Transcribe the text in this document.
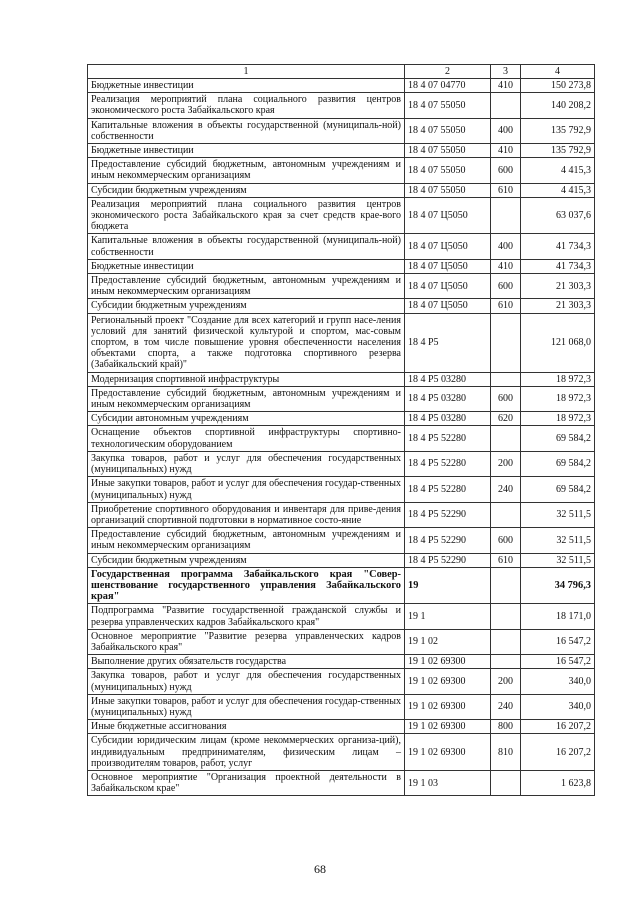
1	2	3	4
Бюджетные инвестиции	18 4 07 04770	410	150 273,8
Реализация мероприятий плана социального развития центров экономического роста Забайкальского края	18 4 07 55050		140 208,2
Капитальные вложения в объекты государственной (муниципаль-ной) собственности	18 4 07 55050	400	135 792,9
Бюджетные инвестиции	18 4 07 55050	410	135 792,9
Предоставление субсидий бюджетным, автономным учреждениям и иным некоммерческим организациям	18 4 07 55050	600	4 415,3
Субсидии бюджетным учреждениям	18 4 07 55050	610	4 415,3
Реализация мероприятий плана социального развития центров экономического роста Забайкальского края за счет средств крае-вого бюджета	18 4 07 Ц5050		63 037,6
Капитальные вложения в объекты государственной (муниципаль-ной) собственности	18 4 07 Ц5050	400	41 734,3
Бюджетные инвестиции	18 4 07 Ц5050	410	41 734,3
Предоставление субсидий бюджетным, автономным учреждениям и иным некоммерческим организациям	18 4 07 Ц5050	600	21 303,3
Субсидии бюджетным учреждениям	18 4 07 Ц5050	610	21 303,3
Региональный проект "Создание для всех категорий и групп насе-ления условий для занятий физической культурой и спортом, мас-совым спортом, в том числе повышение уровня обеспеченности населения объектами спорта, а также подготовка спортивного резерва (Забайкальский край)"	18 4 P5		121 068,0
Модернизация спортивной инфраструктуры	18 4 P5 03280		18 972,3
Предоставление субсидий бюджетным, автономным учреждениям и иным некоммерческим организациям	18 4 P5 03280	600	18 972,3
Субсидии автономным учреждениям	18 4 P5 03280	620	18 972,3
Оснащение объектов спортивной инфраструктуры спортивно-технологическим оборудованием	18 4 P5 52280		69 584,2
Закупка товаров, работ и услуг для обеспечения государственных (муниципальных) нужд	18 4 P5 52280	200	69 584,2
Иные закупки товаров, работ и услуг для обеспечения государ-ственных (муниципальных) нужд	18 4 P5 52280	240	69 584,2
Приобретение спортивного оборудования и инвентаря для приве-дения организаций спортивной подготовки в нормативное состо-яние	18 4 P5 52290		32 511,5
Предоставление субсидий бюджетным, автономным учреждениям и иным некоммерческим организациям	18 4 P5 52290	600	32 511,5
Субсидии бюджетным учреждениям	18 4 P5 52290	610	32 511,5
Государственная программа Забайкальского края "Совер-шенствование государственного управления Забайкальского края"	19		34 796,3
Подпрограмма "Развитие государственной гражданской службы и резерва управленческих кадров Забайкальского края"	19 1		18 171,0
Основное мероприятие "Развитие резерва управленческих кадров Забайкальского края"	19 1 02		16 547,2
Выполнение других обязательств государства	19 1 02 69300		16 547,2
Закупка товаров, работ и услуг для обеспечения государственных (муниципальных) нужд	19 1 02 69300	200	340,0
Иные закупки товаров, работ и услуг для обеспечения государ-ственных (муниципальных) нужд	19 1 02 69300	240	340,0
Иные бюджетные ассигнования	19 1 02 69300	800	16 207,2
Субсидии юридическим лицам (кроме некоммерческих организа-ций), индивидуальным предпринимателям, физическим лицам – производителям товаров, работ, услуг	19 1 02 69300	810	16 207,2
Основное мероприятие "Организация проектной деятельности в Забайкальском крае"	19 1 03		1 623,8
68
